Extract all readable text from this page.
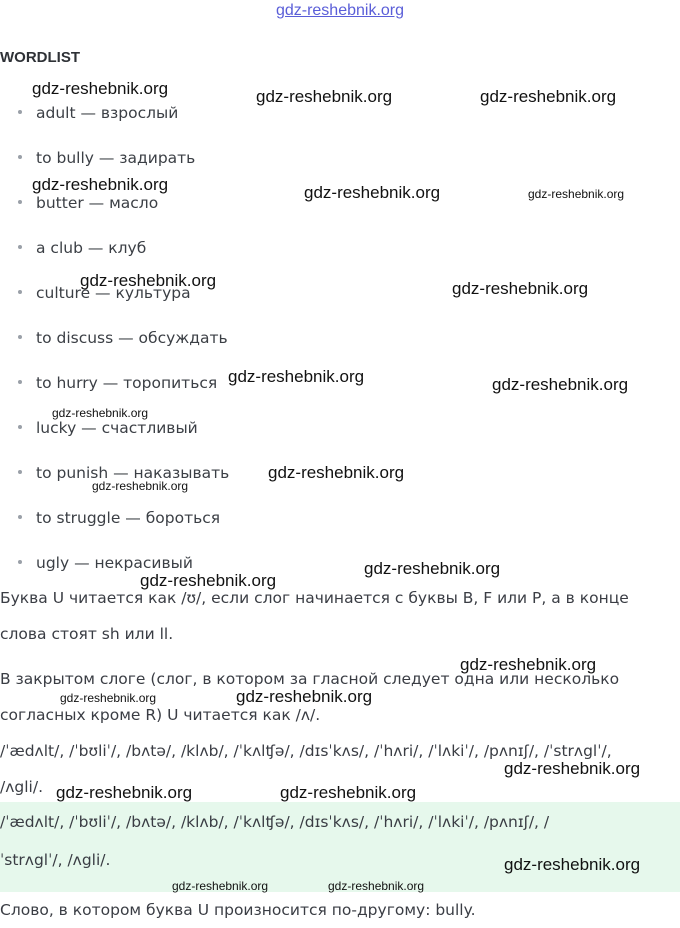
gdz-reshebnik.org
WORDLIST
adult — взрослый
to bully — задирать
butter — масло
a club — клуб
culture — культура
to discuss — обсуждать
to hurry — торопиться
lucky — счастливый
to punish — наказывать
to struggle — бороться
ugly — некрасивый

Буква U читается как /ʊ/, если слог начинается с буквы B, F или P, а в конце

слова стоят sh или ll.

В закрытом слоге (слог, в котором за гласной следует одна или несколько

согласных кроме R) U читается как /ʌ/.

/ˈædʌlt/, /ˈbʊliˈ/, /bʌtə/, /klʌb/, /ˈkʌlʧə/, /dɪsˈkʌs/, /ˈhʌri/, /ˈlʌkiˈ/, /pʌnɪʃ/, /ˈstrʌglˈ/,

/ʌgli/.

/ˈædʌlt/, /ˈbʊliˈ/, /bʌtə/, /klʌb/, /ˈkʌlʧə/, /dɪsˈkʌs/, /ˈhʌri/, /ˈlʌkiˈ/, /pʌnɪʃ/, /

ˈstrʌglˈ/, /ʌgli/.

Слово, в котором буква U произносится по-другому: bully.

gdz-reshebnik.org	gdz-reshebnik.org	gdz-reshebnik.org
gdz-reshebnik.org	gdz-reshebnik.org	gdz-reshebnik.org
gdz-reshebnik.org	gdz-reshebnik.org
gdz-reshebnik.org	gdz-reshebnik.org
gdz-reshebnik.org
gdz-reshebnik.org
gdz-reshebnik.org
gdz-reshebnik.org
gdz-reshebnik.org
gdz-reshebnik.org
gdz-reshebnik.org	gdz-reshebnik.org
gdz-reshebnik.org
gdz-reshebnik.org	gdz-reshebnik.org
gdz-reshebnik.org
gdz-reshebnik.org	gdz-reshebnik.org
